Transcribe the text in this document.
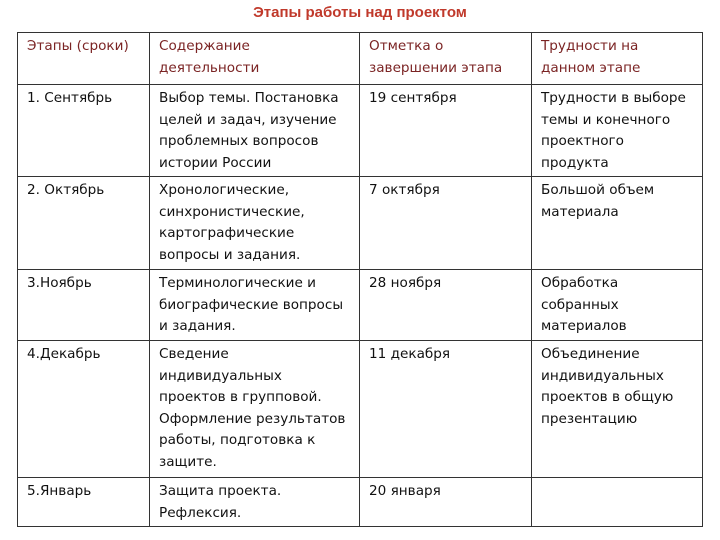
Этапы работы над проектом
Этапы (сроки)	Содержание деятельности	Отметка о завершении этапа	Трудности на данном этапе
1. Сентябрь	Выбор темы. Постановка целей и задач, изучение проблемных вопросов истории России	19 сентября	Трудности в выборе темы и конечного проектного продукта
2. Октябрь	Хронологические, синхронистические, картографические вопросы и задания.	7 октября	Большой объем материала
3.Ноябрь	Терминологические и биографические вопросы и задания.	28 ноября	Обработка собранных материалов
4.Декабрь	Сведение индивидуальных проектов в групповой. Оформление результатов работы, подготовка к защите.	11 декабря	Объединение индивидуальных проектов в общую презентацию
5.Январь	Защита проекта. Рефлексия.	20 января	
